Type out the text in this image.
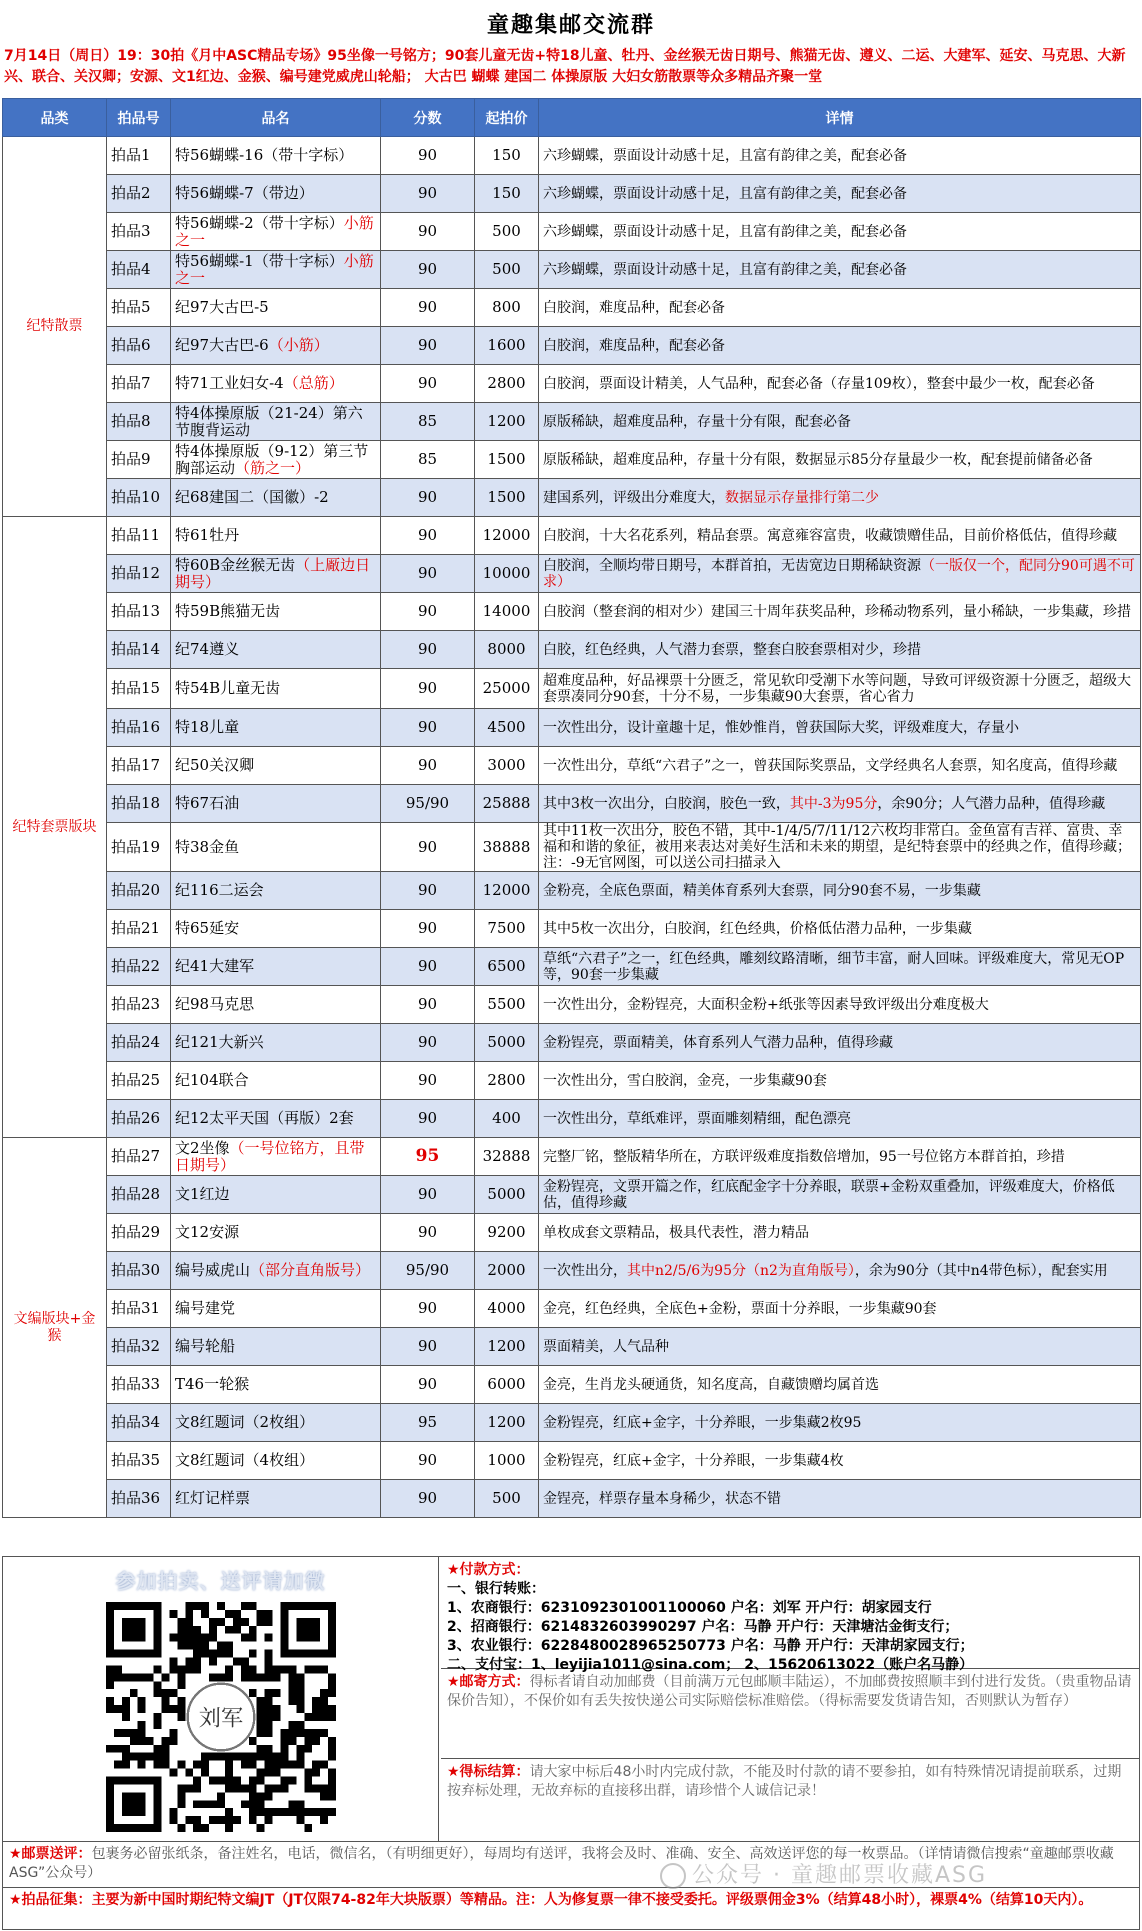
童趣集邮交流群
7月14日（周日）19：30拍《月中ASC精品专场》95坐像一号铭方；90套儿童无齿+特18儿童、牡丹、金丝猴无齿日期号、熊猫无齿、遵义、二运、大建军、延安、马克思、大新兴、联合、关汉卿；安源、文1红边、金猴、编号建党威虎山轮船； 大古巴 蝴蝶 建国二 体操原版 大妇女筋散票等众多精品齐聚一堂
品类	拍品号	品名	分数	起拍价	详情
纪特散票	拍品1	特56蝴蝶-16（带十字标）	90	150	六珍蝴蝶，票面设计动感十足，且富有韵律之美，配套必备
	拍品2	特56蝴蝶-7（带边）	90	150	六珍蝴蝶，票面设计动感十足，且富有韵律之美，配套必备
	拍品3	特56蝴蝶-2（带十字标）小筋之一	90	500	六珍蝴蝶，票面设计动感十足，且富有韵律之美，配套必备
	拍品4	特56蝴蝶-1（带十字标）小筋之一	90	500	六珍蝴蝶，票面设计动感十足，且富有韵律之美，配套必备
	拍品5	纪97大古巴-5	90	800	白胶润，难度品种，配套必备
	拍品6	纪97大古巴-6（小筋）	90	1600	白胶润，难度品种，配套必备
	拍品7	特71工业妇女-4（总筋）	90	2800	白胶润，票面设计精美，人气品种，配套必备（存量109枚），整套中最少一枚，配套必备
	拍品8	特4体操原版（21-24）第六节腹背运动	85	1200	原版稀缺，超难度品种，存量十分有限，配套必备
	拍品9	特4体操原版（9-12）第三节胸部运动（筋之一）	85	1500	原版稀缺，超难度品种，存量十分有限，数据显示85分存量最少一枚，配套提前储备必备
	拍品10	纪68建国二（国徽）-2	90	1500	建国系列，评级出分难度大，数据显示存量排行第二少
纪特套票版块	拍品11	特61牡丹	90	12000	白胶润，十大名花系列，精品套票。寓意雍容富贵，收藏馈赠佳品，目前价格低估，值得珍藏
	拍品12	特60B金丝猴无齿（上厰边日期号）	90	10000	白胶润，全顺均带日期号，本群首拍，无齿宽边日期稀缺资源（一版仅一个，配同分90可遇不可求）
	拍品13	特59B熊猫无齿	90	14000	白胶润（整套润的相对少）建国三十周年获奖品种，珍稀动物系列，量小稀缺，一步集藏，珍措
	拍品14	纪74遵义	90	8000	白胶，红色经典，人气潜力套票，整套白胶套票相对少，珍措
	拍品15	特54B儿童无齿	90	25000	超难度品种，好品裸票十分匮乏，常见软印受潮下水等问题，导致可评级资源十分匮乏，超级大套票凑同分90套，十分不易，一步集藏90大套票，省心省力
	拍品16	特18儿童	90	4500	一次性出分，设计童趣十足，惟妙惟肖，曾获国际大奖，评级难度大，存量小
	拍品17	纪50关汉卿	90	3000	一次性出分，草纸“六君子”之一，曾获国际奖票品，文学经典名人套票，知名度高，值得珍藏
	拍品18	特67石油	95/90	25888	其中3枚一次出分，白胶润，胶色一致，其中-3为95分，余90分；人气潜力品种，值得珍藏
	拍品19	特38金鱼	90	38888	其中11枚一次出分，胶色不错，其中-1/4/5/7/11/12六枚均非常白。金鱼富有吉祥、富贵、幸福和和谐的象征，被用来表达对美好生活和未来的期望，是纪特套票中的经典之作，值得珍藏；注：-9无官网图，可以送公司扫描录入
	拍品20	纪116二运会	90	12000	金粉亮，全底色票面，精美体育系列大套票，同分90套不易，一步集藏
	拍品21	特65延安	90	7500	其中5枚一次出分，白胶润，红色经典，价格低估潜力品种，一步集藏
	拍品22	纪41大建军	90	6500	草纸“六君子”之一，红色经典，雕刻纹路清晰，细节丰富，耐人回味。评级难度大，常见无OP等，90套一步集藏
	拍品23	纪98马克思	90	5500	一次性出分，金粉锃亮，大面积金粉+纸张等因素导致评级出分难度极大
	拍品24	纪121大新兴	90	5000	金粉锃亮，票面精美，体育系列人气潜力品种，值得珍藏
	拍品25	纪104联合	90	2800	一次性出分，雪白胶润，金亮，一步集藏90套
	拍品26	纪12太平天国（再版）2套	90	400	一次性出分，草纸难评，票面雕刻精细，配色漂亮
文编版块+金猴	拍品27	文2坐像（一号位铭方，且带日期号）	95	32888	完整厂铭，整版精华所在，方联评级难度指数倍增加，95一号位铭方本群首拍，珍措
	拍品28	文1红边	90	5000	金粉锃亮，文票开篇之作，红底配金字十分养眼，联票+金粉双重叠加，评级难度大，价格低估，值得珍藏
	拍品29	文12安源	90	9200	单枚成套文票精品，极具代表性，潜力精品
	拍品30	编号威虎山（部分直角版号）	95/90	2000	一次性出分，其中n2/5/6为95分（n2为直角版号），余为90分（其中n4带色标），配套实用
	拍品31	编号建党	90	4000	金亮，红色经典，全底色+金粉，票面十分养眼，一步集藏90套
	拍品32	编号轮船	90	1200	票面精美，人气品种
	拍品33	T46一轮猴	90	6000	金亮，生肖龙头硬通货，知名度高，自藏馈赠均属首选
	拍品34	文8红题词（2枚组）	95	1200	金粉锃亮，红底+金字，十分养眼，一步集藏2枚95
	拍品35	文8红题词（4枚组）	90	1000	金粉锃亮，红底+金字，十分养眼，一步集藏4枚
	拍品36	红灯记样票	90	500	金锃亮，样票存量本身稀少，状态不错
参加拍卖、送评请加微
刘军
★付款方式：
一、银行转账：
1、农商银行：6231092301001100060 户名：刘军 开户行：胡家园支行
2、招商银行：6214832603990297 户名：马静 开户行：天津塘沽金街支行；
3、农业银行：6228480028965250773 户名：马静 开户行：天津胡家园支行；
二、支付宝：1、leyijia1011@sina.com； 2、15620613022（账户名马静）
★邮寄方式：得标者请自动加邮费（目前满万元包邮顺丰陆运），不加邮费按照顺丰到付进行发货。（贵重物品请保价告知），不保价如有丢失按快递公司实际赔偿标准赔偿。（得标需要发货请告知，否则默认为暂存）
★得标结算：请大家中标后48小时内完成付款，不能及时付款的请不要参拍，如有特殊情况请提前联系，过期按弃标处理，无故弃标的直接移出群，请珍惜个人诚信记录！
★邮票送评：包裹务必留张纸条，备注姓名，电话，微信名，（有明细更好），每周均有送评，我将会及时、准确、安全、高效送评您的每一枚票品。（详情请微信搜索“童趣邮票收藏ASG”公众号）
★拍品征集：主要为新中国时期纪特文编JT（JT仅限74-82年大块版票）等精品。注：人为修复票一律不接受委托。评级票佣金3%（结算48小时），裸票4%（结算10天内）。
公众号 · 童趣邮票收藏ASG
